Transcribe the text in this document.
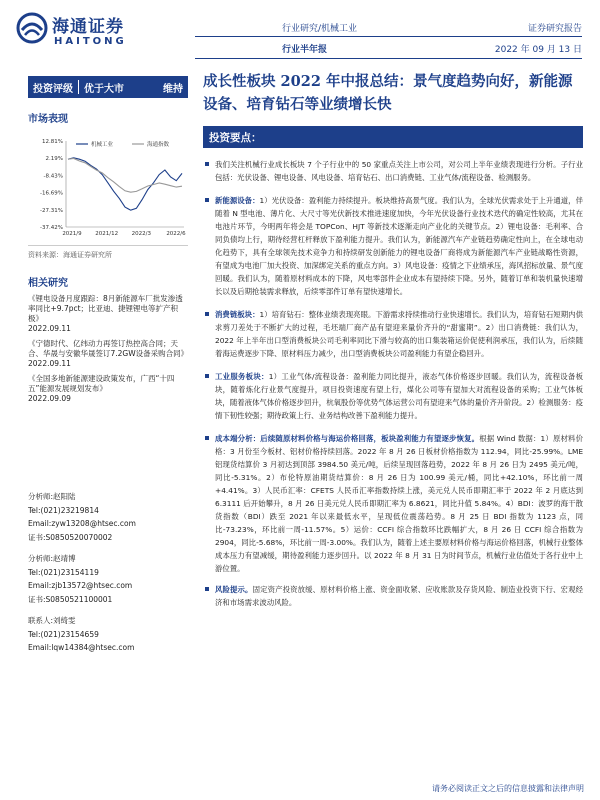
海通证券
HAITONG
行业研究/机械工业
行业半年报
证券研究报告
2022 年 09 月 13 日
投资评级	优于大市	维持
市场表现
12.81%
2.19%
-8.43%
-16.69%
-27.31%
-37.42%
2021/9 2021/12 2022/3	2022/6
机械工业	海通指数
资料来源：海通证券研究所
相关研究
《锂电设备月度跟踪：8月新能源车厂批发渗透率同比+9.7pct；比亚迪、捷锂锂电等扩产积极》
2022.09.11
《宁德时代、亿纬动力再签订热控高合同；天合、华晟与安徽华晟签订7.2GW设备采购合同》
2022.09.11
《全国多地新能源建设政策发布，广西“十四五”能源发展规划发布》
2022.09.09
分析师:赵阳陆
Tel:(021)23219814
Email:zyw13208@htsec.com
证书:S0850520070002
分析师:赵靖博
Tel:(021)23154119
Email:zjb13572@htsec.com
证书:S0850521100001
联系人:刘绮雯
Tel:(021)23154659
Email:lqw14384@htsec.com
成长性板块 2022 年中报总结：景气度趋势向好，新能源设备、培育钻石等业绩增长快
投资要点：
我们关注机械行业成长板块 7 个子行业中的 50 家重点关注上市公司，对公司上半年业绩表现进行分析。子行业包括：光伏设备、锂电设备、风电设备、培育钻石、出口消费链、工业气体/流程设备、检测服务。
新能源设备：1）光伏设备：盈利能力持续提升。板块维持高景气度。我们认为，全球光伏需求处于上升通道，伴随着 N 型电池、薄片化、大尺寸等光伏新技术推进速度加快，今年光伏设备行业技术迭代的确定性较高，尤其在电池片环节，今明两年将会是 TOPCon、HJT 等新技术逐渐走向产业化的关键节点。2）锂电设备：毛利率、合同负债均上行，期待经营杠杆释放下盈利能力提升。我们认为，新能源汽车产业链趋势确定性向上，在全球电动化趋势下，具有全球领先技术竞争力和持续研发创新能力的锂电设备厂商将成为新能源汽车产业链战略性资源，有望成为电池厂加大投资、加深绑定关系的重点方向。3）风电设备：疫情之下业绩承压，海风招标放量、景气度回暖。我们认为，随着原材料成本的下降，风电零部件企业成本有望持续下降。另外，随着订单和装机量快速增长以及后期抢装需求释放，后续零部件订单有望快速增长。
消费链板块：1）培育钻石：整体业绩表现亮眼。下游需求持续推动行业快速增长。我们认为，培育钻石短期内供求剪刀差处于不断扩大的过程，毛坯端厂商产品有望迎来量价齐升的“甜蜜期”。2）出口消费链：我们认为，2022 年上半年出口型消费板块公司毛利率同比下滑与较高的出口集装箱运价促使利润承压，我们认为，后续随着海运费逐步下降、原材料压力减少，出口型消费板块公司盈利能力有望企稳回升。
工业服务板块：1）工业气体/流程设备：盈利能力同比提升，液态气体价格逐步回暖。我们认为，流程设备板块，随着炼化行业景气度提升，项目投资速度有望上行，煤化公司等有望加大对流程设备的采购；工业气体板块，随着液体气体价格逐步回升，杭氧股份等优势气体运营公司有望迎来气体的量价齐升阶段。2）检测服务：疫情下韧性较强；期待政策上行、业务结构改善下盈利能力提升。
成本端分析：后续随原材料价格与海运价格回落，板块盈利能力有望逐步恢复。根据 Wind 数据：1）原材料价格：3 月份至今板材、铝材价格持续回落。2022 年 8 月 26 日板材价格指数为 112.94，同比-25.99%。LME 铝现货结算价 3 月初达到顶部 3984.50 美元/吨，后续呈现回落趋势，2022 年 8 月 26 日为 2495 美元/吨，同比-5.31%。2）布伦特原油期货结算价：8 月 26 日为 100.99 美元/桶，同比+42.10%，环比前一周+4.41%。3）人民币汇率：CFETS 人民币汇率指数持续上涨，美元兑人民币即期汇率于 2022 年 2 月底达到 6.3111 后开始攀升，8 月 26 日美元兑人民币即期汇率为 6.8621，同比升值 5.84%。4）BDI：波罗的海干散货指数（BDI）跌至 2021 年以来最低水平，呈现低位震荡趋势。8 月 25 日 BDI 指数为 1123 点，同比-73.23%，环比前一周-11.57%。5）运价：CCFI 综合指数环比跌幅扩大，8 月 26 日 CCFI 综合指数为 2904，同比-5.68%，环比前一周-3.00%。我们认为，随着上述主要原材料价格与海运价格回落，机械行业整体成本压力有望减缓，期待盈利能力逐步回升。以 2022 年 8 月 31 日为时间节点，机械行业估值处于各行业中上游位置。
风险提示。固定资产投资放缓、原材料价格上涨、资金面收紧、应收账款及存货风险、制造业投资下行、宏观经济和市场需求波动风险。
请务必阅读正文之后的信息披露和法律声明
